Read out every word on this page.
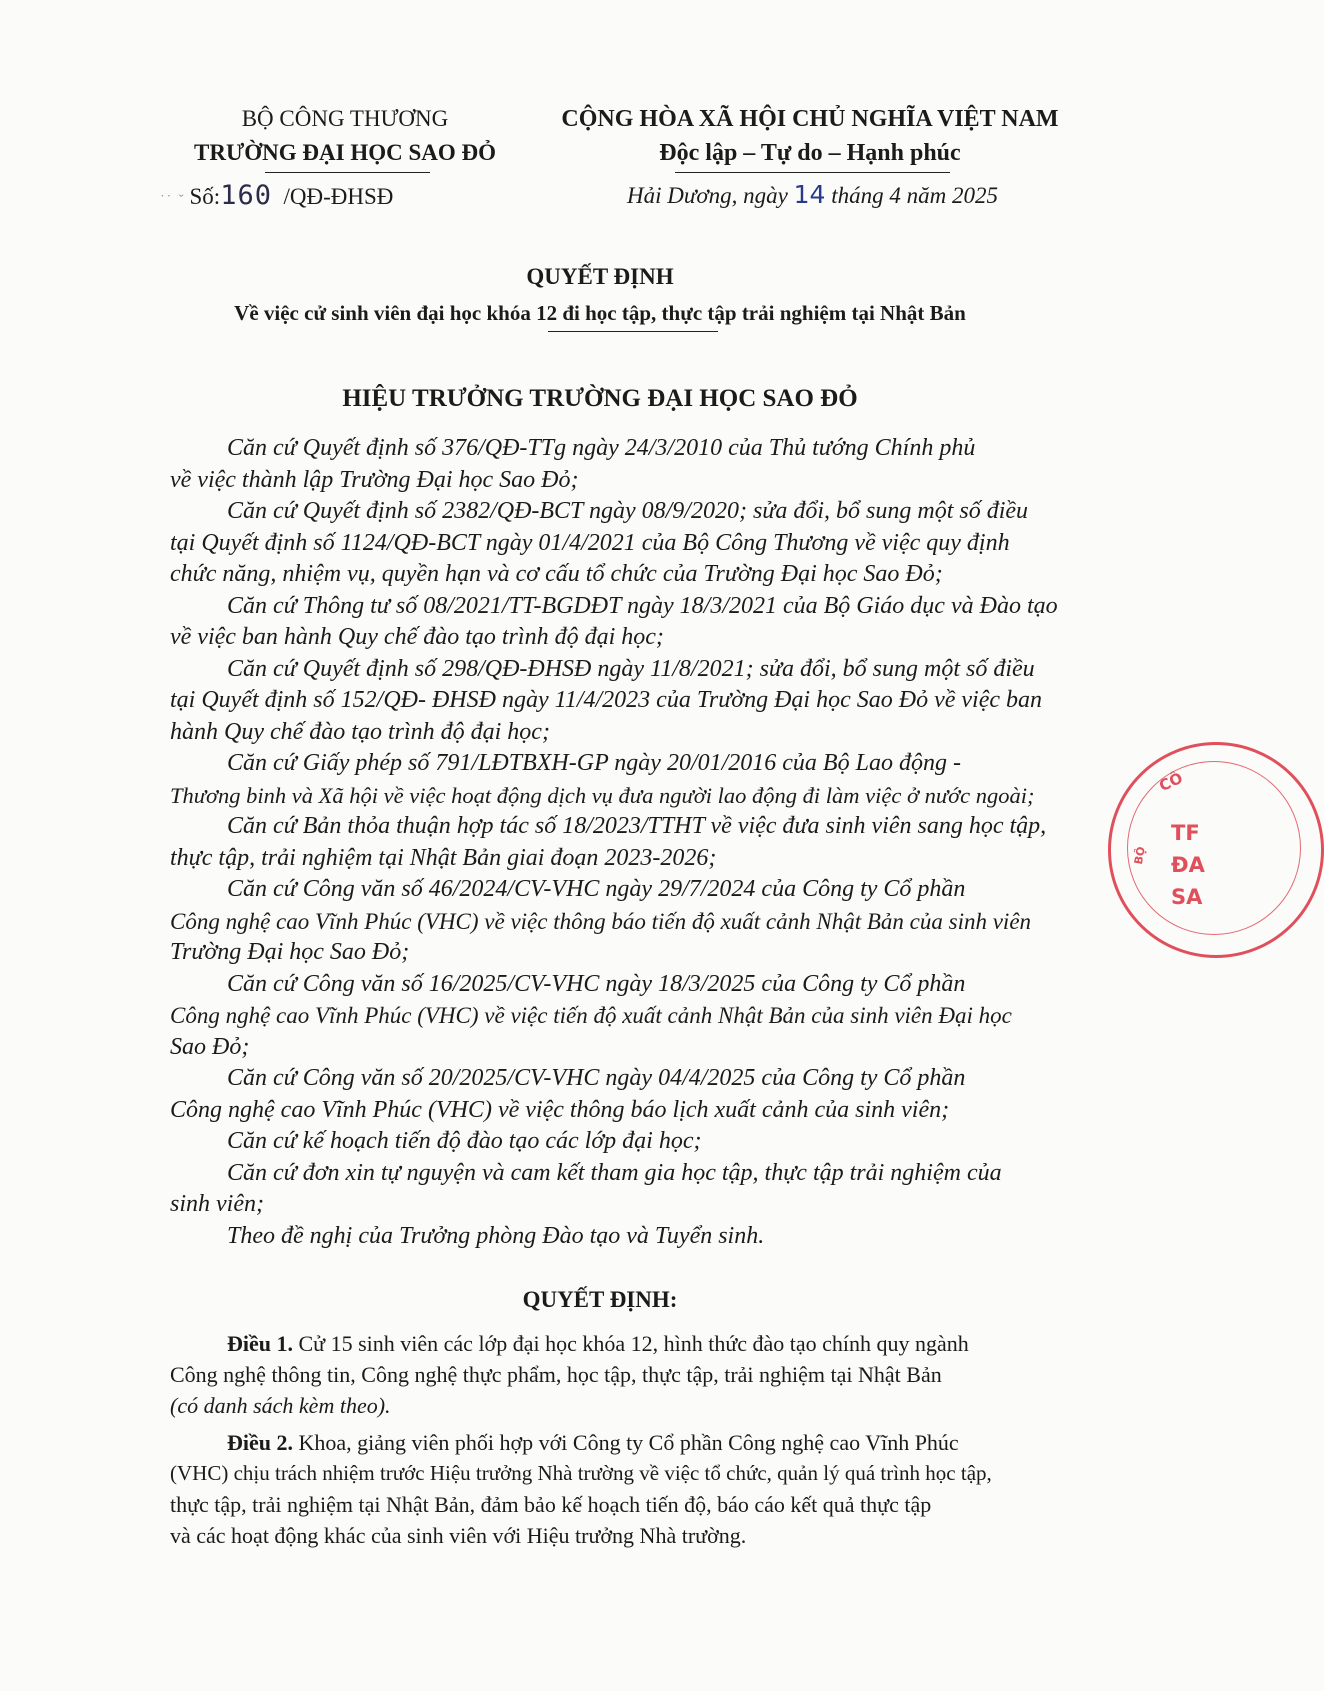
BỘ CÔNG THƯƠNG
TRƯỜNG ĐẠI HỌC SAO ĐỎ
˙˙ ˇ Số:160 /QĐ-ĐHSĐ
CỘNG HÒA XÃ HỘI CHỦ NGHĨA VIỆT NAM
Độc lập – Tự do – Hạnh phúc
Hải Dương, ngày 14 tháng 4 năm 2025
QUYẾT ĐỊNH
Về việc cử sinh viên đại học khóa 12 đi học tập, thực tập trải nghiệm tại Nhật Bản
HIỆU TRƯỞNG TRƯỜNG ĐẠI HỌC SAO ĐỎ
Căn cứ Quyết định số 376/QĐ-TTg ngày 24/3/2010 của Thủ tướng Chính phủ
về việc thành lập Trường Đại học Sao Đỏ;
Căn cứ Quyết định số 2382/QĐ-BCT ngày 08/9/2020; sửa đổi, bổ sung một số điều
tại Quyết định số 1124/QĐ-BCT ngày 01/4/2021 của Bộ Công Thương về việc quy định
chức năng, nhiệm vụ, quyền hạn và cơ cấu tổ chức của Trường Đại học Sao Đỏ;
Căn cứ Thông tư số 08/2021/TT-BGDĐT ngày 18/3/2021 của Bộ Giáo dục và Đào tạo
về việc ban hành Quy chế đào tạo trình độ đại học;
Căn cứ Quyết định số 298/QĐ-ĐHSĐ ngày 11/8/2021; sửa đổi, bổ sung một số điều
tại Quyết định số 152/QĐ- ĐHSĐ ngày 11/4/2023 của Trường Đại học Sao Đỏ về việc ban
hành Quy chế đào tạo trình độ đại học;
Căn cứ Giấy phép số 791/LĐTBXH-GP ngày 20/01/2016 của Bộ Lao động -
Thương binh và Xã hội về việc hoạt động dịch vụ đưa người lao động đi làm việc ở nước ngoài;
Căn cứ Bản thỏa thuận hợp tác số 18/2023/TTHT về việc đưa sinh viên sang học tập,
thực tập, trải nghiệm tại Nhật Bản giai đoạn 2023-2026;
Căn cứ Công văn số 46/2024/CV-VHC ngày 29/7/2024 của Công ty Cổ phần
Công nghệ cao Vĩnh Phúc (VHC) về việc thông báo tiến độ xuất cảnh Nhật Bản của sinh viên
Trường Đại học Sao Đỏ;
Căn cứ Công văn số 16/2025/CV-VHC ngày 18/3/2025 của Công ty Cổ phần
Công nghệ cao Vĩnh Phúc (VHC) về việc tiến độ xuất cảnh Nhật Bản của sinh viên Đại học
Sao Đỏ;
Căn cứ Công văn số 20/2025/CV-VHC ngày 04/4/2025 của Công ty Cổ phần
Công nghệ cao Vĩnh Phúc (VHC) về việc thông báo lịch xuất cảnh của sinh viên;
Căn cứ kế hoạch tiến độ đào tạo các lớp đại học;
Căn cứ đơn xin tự nguyện và cam kết tham gia học tập, thực tập trải nghiệm của
sinh viên;
Theo đề nghị của Trưởng phòng Đào tạo và Tuyển sinh.
QUYẾT ĐỊNH:
Điều 1. Cử 15 sinh viên các lớp đại học khóa 12, hình thức đào tạo chính quy ngành
Công nghệ thông tin, Công nghệ thực phẩm, học tập, thực tập, trải nghiệm tại Nhật Bản
(có danh sách kèm theo).
Điều 2. Khoa, giảng viên phối hợp với Công ty Cổ phần Công nghệ cao Vĩnh Phúc
(VHC) chịu trách nhiệm trước Hiệu trưởng Nhà trường về việc tổ chức, quản lý quá trình học tập,
thực tập, trải nghiệm tại Nhật Bản, đảm bảo kế hoạch tiến độ, báo cáo kết quả thực tập
và các hoạt động khác của sinh viên với Hiệu trưởng Nhà trường.
CÔ
TF
ĐA
SA
BỘ
